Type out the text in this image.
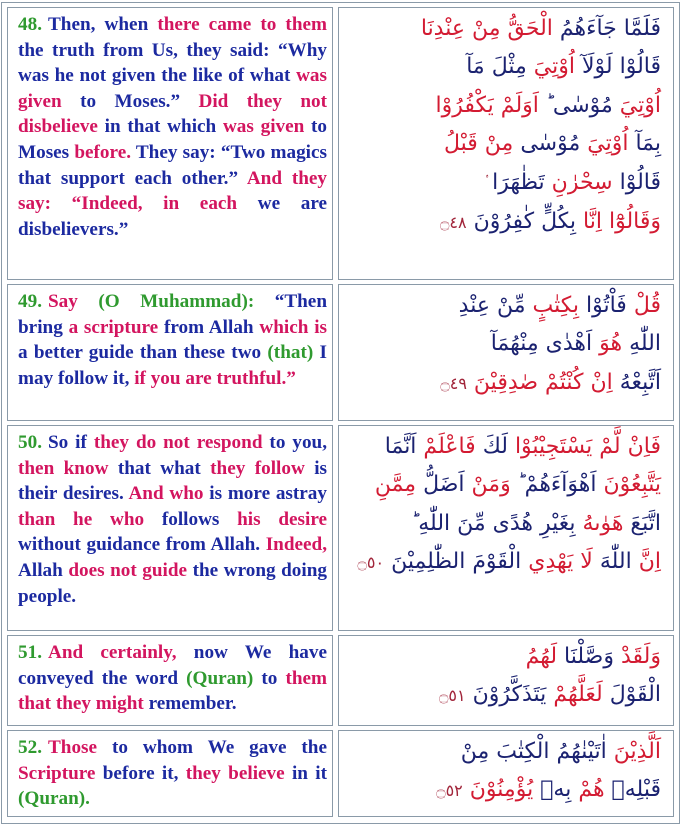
48. Then, when there came to them the truth from Us, they said: “Why was he not given the like of what was given to Moses.” Did they not disbelieve in that which was given to Moses before. They say: “Two magics that support each other.” And they say: “Indeed, in each we are disbelievers.”

فَلَمَّا جَآءَهُمُ الْحَقُّ مِنْ عِنْدِنَا
قَالُوْا لَوْلَآ اُوْتِيَ مِثْلَ مَآ
اُوْتِيَ مُوْسٰى ؕ اَوَلَمْ يَكْفُرُوْا
بِمَآ اُوْتِيَ مُوْسٰى مِنْ قَبْلُ
قَالُوْا سِحْرٰنِ تَظٰهَرَا
وَقَالُوْٓا اِنَّا بِكُلٍّ كٰفِرُوْنَ ۝٤٨

49. Say (O Muhammad): “Then bring a scripture from Allah which is a better guide than these two (that) I may follow it, if you are truthful.”

قُلْ فَاْتُوْا بِكِتٰبٍ مِّنْ عِنْدِ
اللّٰهِ هُوَ اَهْدٰى مِنْهُمَآ
اَتَّبِعْهُ اِنْ كُنْتُمْ صٰدِقِيْنَ ۝٤٩

50. So if they do not respond to you, then know that what they follow is their desires. And who is more astray than he who follows his desire without guidance from Allah. Indeed, Allah does not guide the wrong doing people.

فَاِنْ لَّمْ يَسْتَجِيْبُوْا لَكَ فَاعْلَمْ اَنَّمَا
يَتَّبِعُوْنَ اَهْوَآءَهُمْ ؕ وَمَنْ اَضَلُّ مِمَّنِ
اتَّبَعَ هَوٰىهُ بِغَيْرِ هُدًى مِّنَ اللّٰهِ ؕ
اِنَّ اللّٰهَ لَا يَهْدِي الْقَوْمَ الظّٰلِمِيْنَ ۝٥٠

51. And certainly, now We have conveyed the word (Quran) to them that they might remember.

وَلَقَدْ وَصَّلْنَا لَهُمُ
الْقَوْلَ لَعَلَّهُمْ يَتَذَكَّرُوْنَ ۝٥١

52. Those to whom We gave the Scripture before it, they believe in it (Quran).

اَلَّذِيْنَ اٰتَيْنٰهُمُ الْكِتٰبَ مِنْ
قَبْلِهٖ هُمْ بِهٖ يُؤْمِنُوْنَ ۝٥٢
